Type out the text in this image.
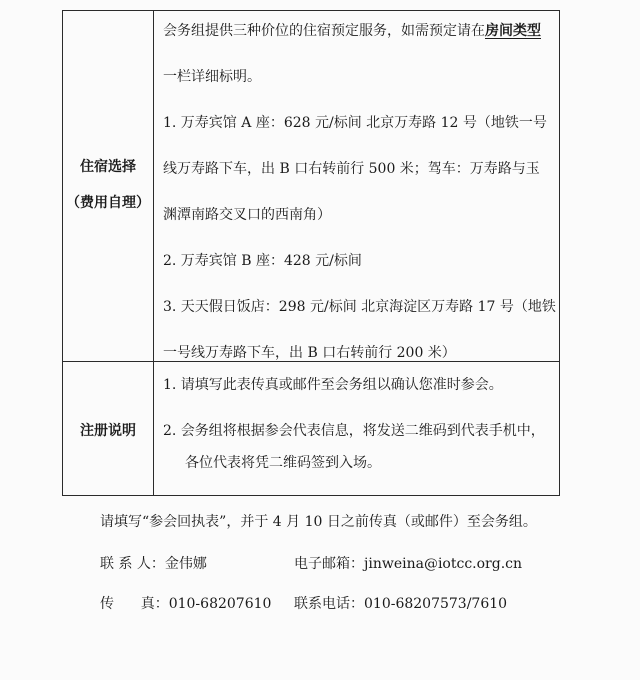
住宿选择
（费用自理）
会务组提供三种价位的住宿预定服务，如需预定请在房间类型
一栏详细标明。
1. 万寿宾馆 A 座：628 元/标间 北京万寿路 12 号（地铁一号
线万寿路下车，出 B 口右转前行 500 米；驾车：万寿路与玉
渊潭南路交叉口的西南角）
2. 万寿宾馆 B 座：428 元/标间
3. 天天假日饭店：298 元/标间 北京海淀区万寿路 17 号（地铁
一号线万寿路下车，出 B 口右转前行 200 米）
注册说明
1. 请填写此表传真或邮件至会务组以确认您准时参会。
2. 会务组将根据参会代表信息，将发送二维码到代表手机中，
各位代表将凭二维码签到入场。
请填写“参会回执表”，并于 4 月 10 日之前传真（或邮件）至会务组。
联 系 人：金伟娜	电子邮箱：jinweina@iotcc.org.cn
传      真：010-68207610 联系电话：010-68207573/7610
